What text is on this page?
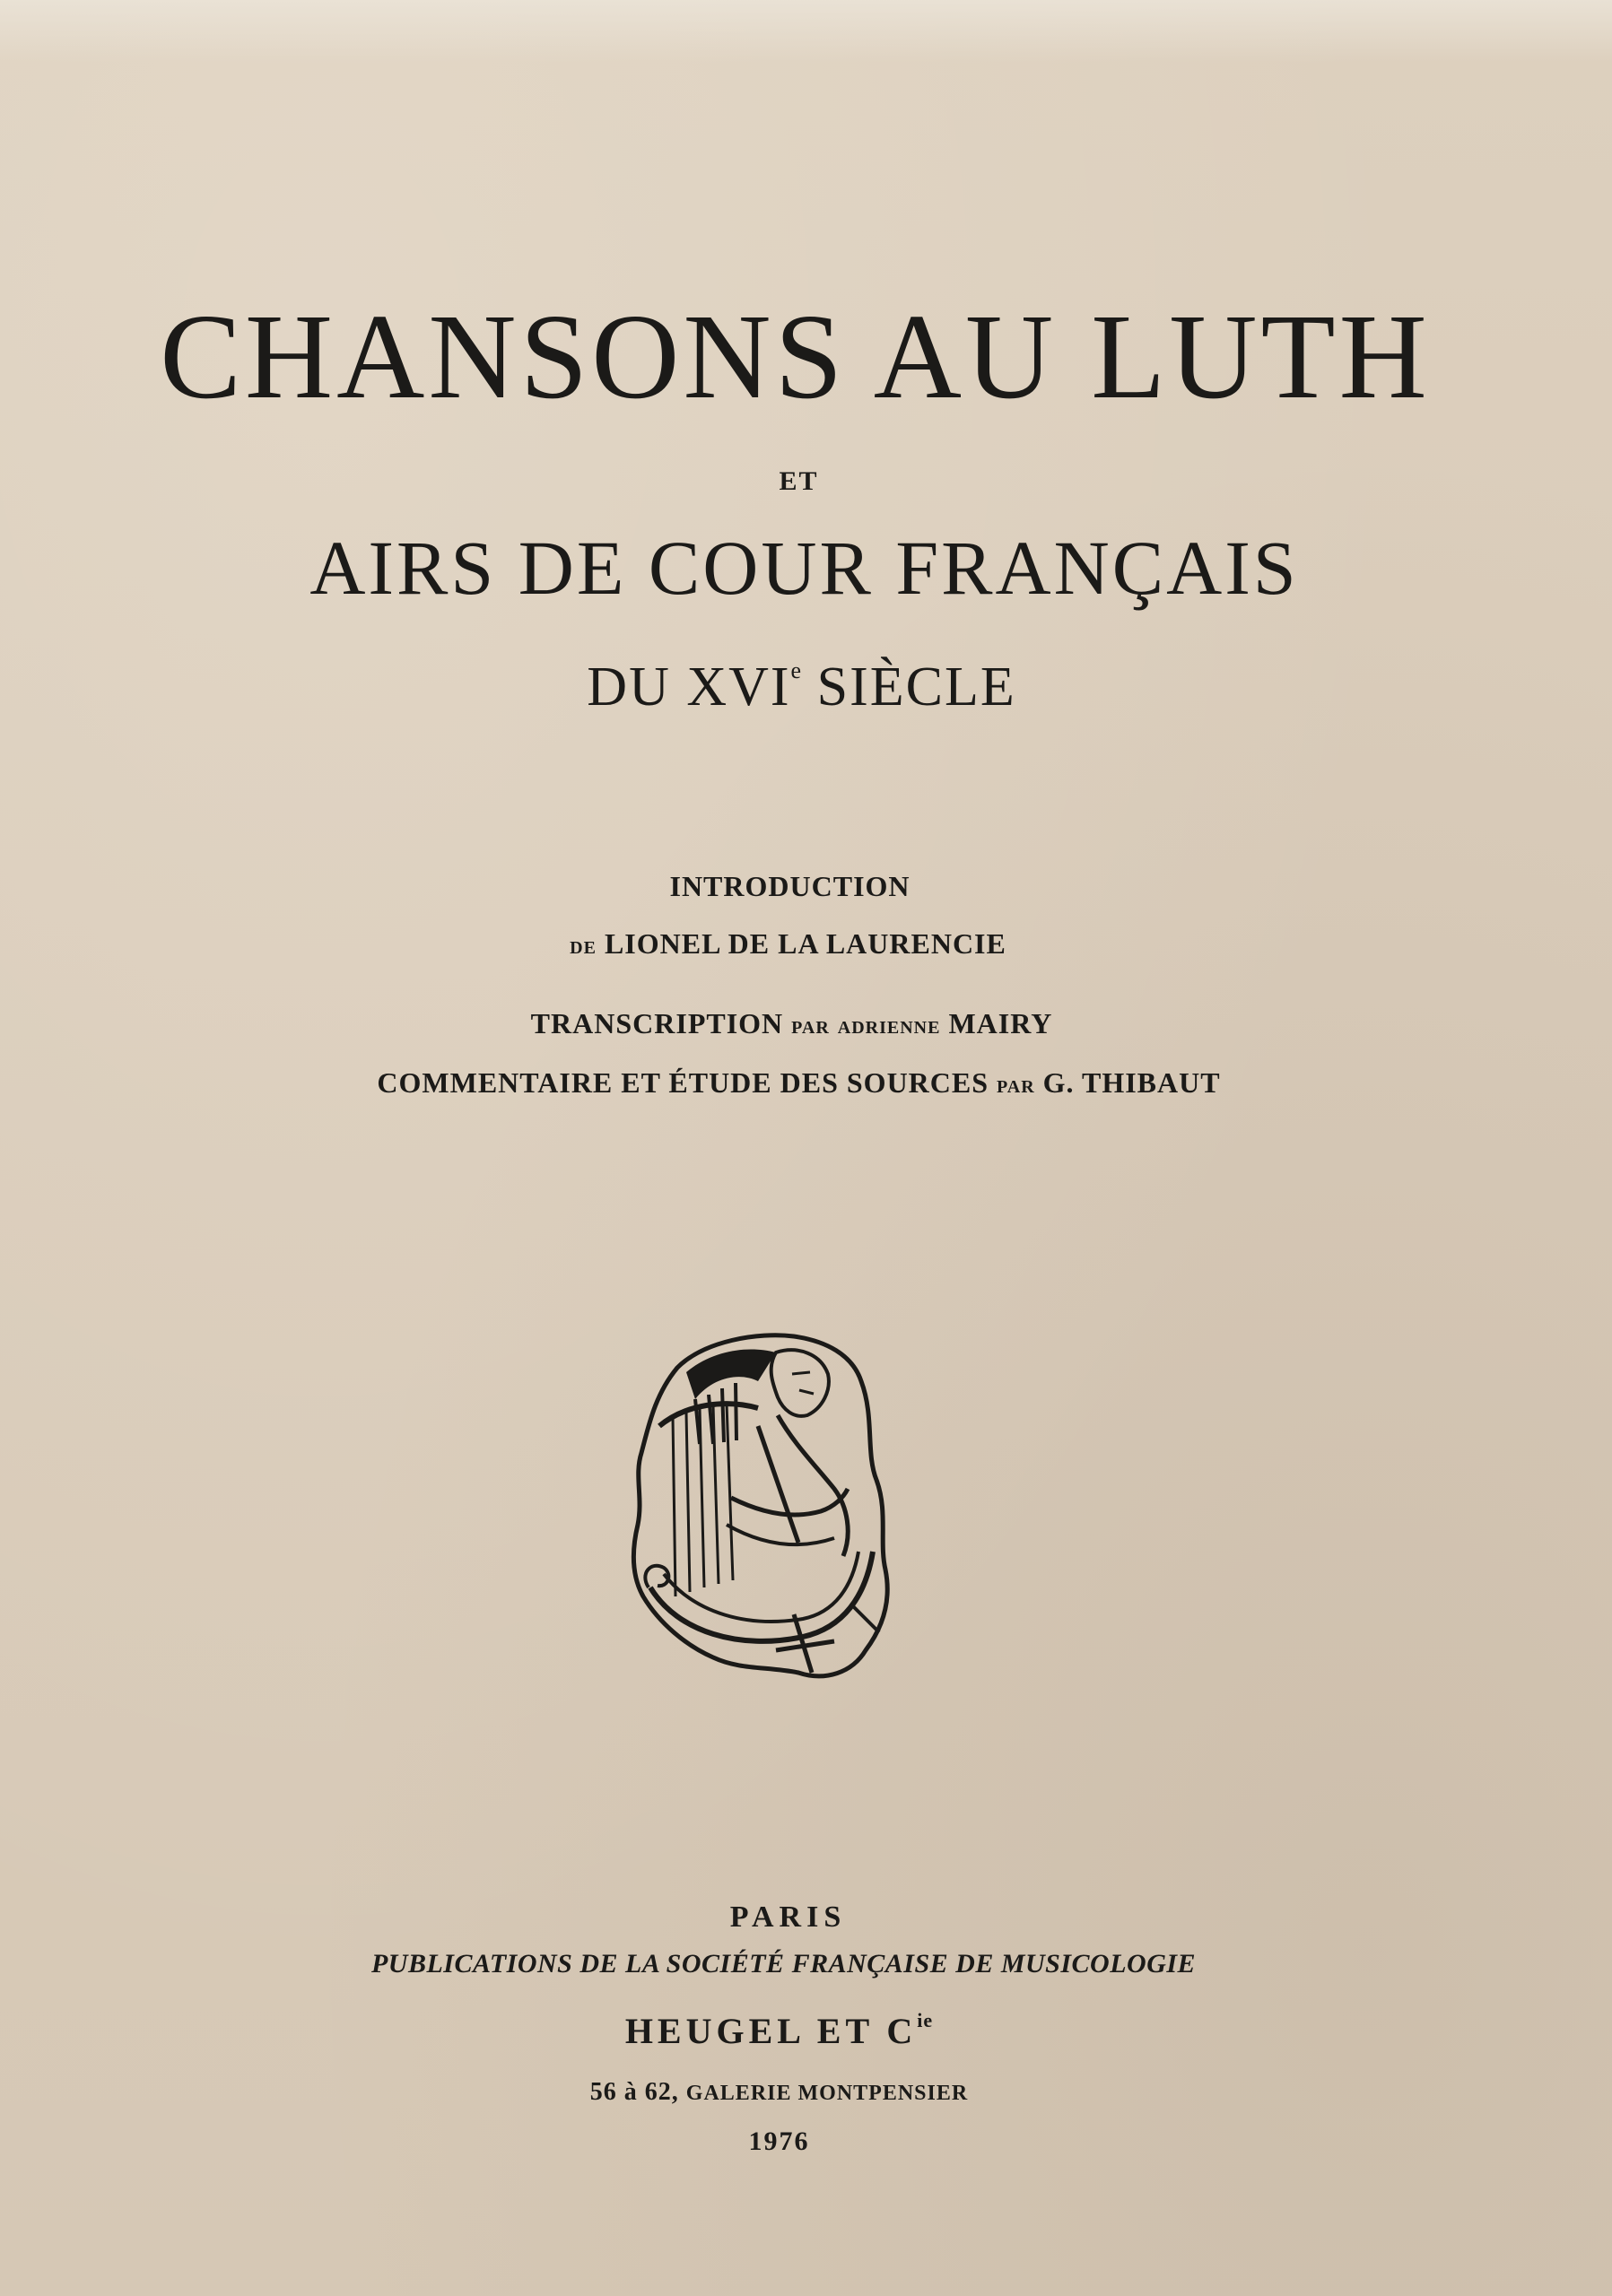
CHANSONS AU LUTH
ET
AIRS DE COUR FRANÇAIS
DU XVIe SIÈCLE
INTRODUCTION
DE LIONEL DE LA LAURENCIE
TRANSCRIPTION PAR ADRIENNE MAIRY
COMMENTAIRE ET ÉTUDE DES SOURCES PAR G. THIBAUT
PARIS
PUBLICATIONS DE LA SOCIÉTÉ FRANÇAISE DE MUSICOLOGIE
HEUGEL ET $C^{ie}$
56 à 62, GALERIE MONTPENSIER
1976
